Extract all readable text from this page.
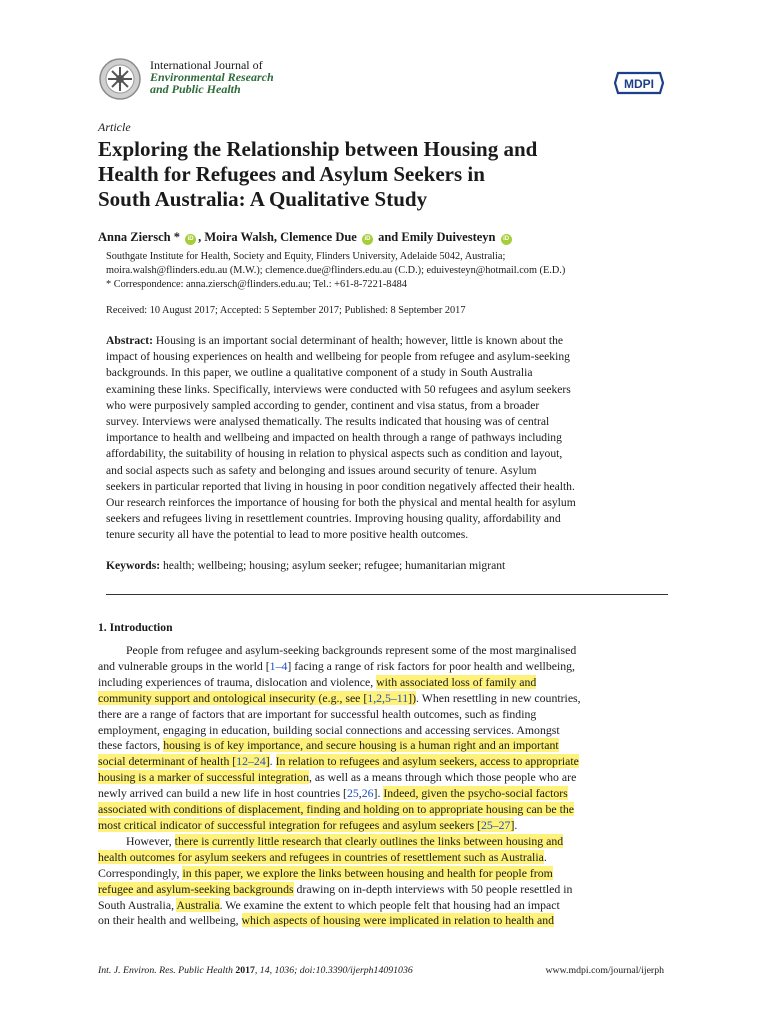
International Journal of
Environmental Research
and Public Health	MDPI
Article
Exploring the Relationship between Housing and
Health for Refugees and Asylum Seekers in
South Australia: A Qualitative Study
Anna Ziersch * iD , Moira Walsh, Clemence Due iD and Emily Duivesteyn iD
Southgate Institute for Health, Society and Equity, Flinders University, Adelaide 5042, Australia;
moira.walsh@flinders.edu.au (M.W.); clemence.due@flinders.edu.au (C.D.); eduivesteyn@hotmail.com (E.D.)
* Correspondence: anna.ziersch@flinders.edu.au; Tel.: +61-8-7221-8484
Received: 10 August 2017; Accepted: 5 September 2017; Published: 8 September 2017
Abstract: Housing is an important social determinant of health; however, little is known about the
impact of housing experiences on health and wellbeing for people from refugee and asylum-seeking
backgrounds. In this paper, we outline a qualitative component of a study in South Australia
examining these links. Specifically, interviews were conducted with 50 refugees and asylum seekers
who were purposively sampled according to gender, continent and visa status, from a broader
survey. Interviews were analysed thematically. The results indicated that housing was of central
importance to health and wellbeing and impacted on health through a range of pathways including
affordability, the suitability of housing in relation to physical aspects such as condition and layout,
and social aspects such as safety and belonging and issues around security of tenure. Asylum
seekers in particular reported that living in housing in poor condition negatively affected their health.
Our research reinforces the importance of housing for both the physical and mental health for asylum
seekers and refugees living in resettlement countries. Improving housing quality, affordability and
tenure security all have the potential to lead to more positive health outcomes.
Keywords: health; wellbeing; housing; asylum seeker; refugee; humanitarian migrant
1. Introduction
People from refugee and asylum-seeking backgrounds represent some of the most marginalised
and vulnerable groups in the world [1–4] facing a range of risk factors for poor health and wellbeing,
including experiences of trauma, dislocation and violence, with associated loss of family and
community support and ontological insecurity (e.g., see [1,2,5–11]). When resettling in new countries,
there are a range of factors that are important for successful health outcomes, such as finding
employment, engaging in education, building social connections and accessing services. Amongst
these factors, housing is of key importance, and secure housing is a human right and an important
social determinant of health [12–24]. In relation to refugees and asylum seekers, access to appropriate
housing is a marker of successful integration, as well as a means through which those people who are
newly arrived can build a new life in host countries [25,26]. Indeed, given the psycho-social factors
associated with conditions of displacement, finding and holding on to appropriate housing can be the
most critical indicator of successful integration for refugees and asylum seekers [25–27].
However, there is currently little research that clearly outlines the links between housing and
health outcomes for asylum seekers and refugees in countries of resettlement such as Australia.
Correspondingly, in this paper, we explore the links between housing and health for people from
refugee and asylum-seeking backgrounds drawing on in-depth interviews with 50 people resettled in
South Australia, Australia. We examine the extent to which people felt that housing had an impact
on their health and wellbeing, which aspects of housing were implicated in relation to health and
Int. J. Environ. Res. Public Health 2017, 14, 1036; doi:10.3390/ijerph14091036	www.mdpi.com/journal/ijerph
